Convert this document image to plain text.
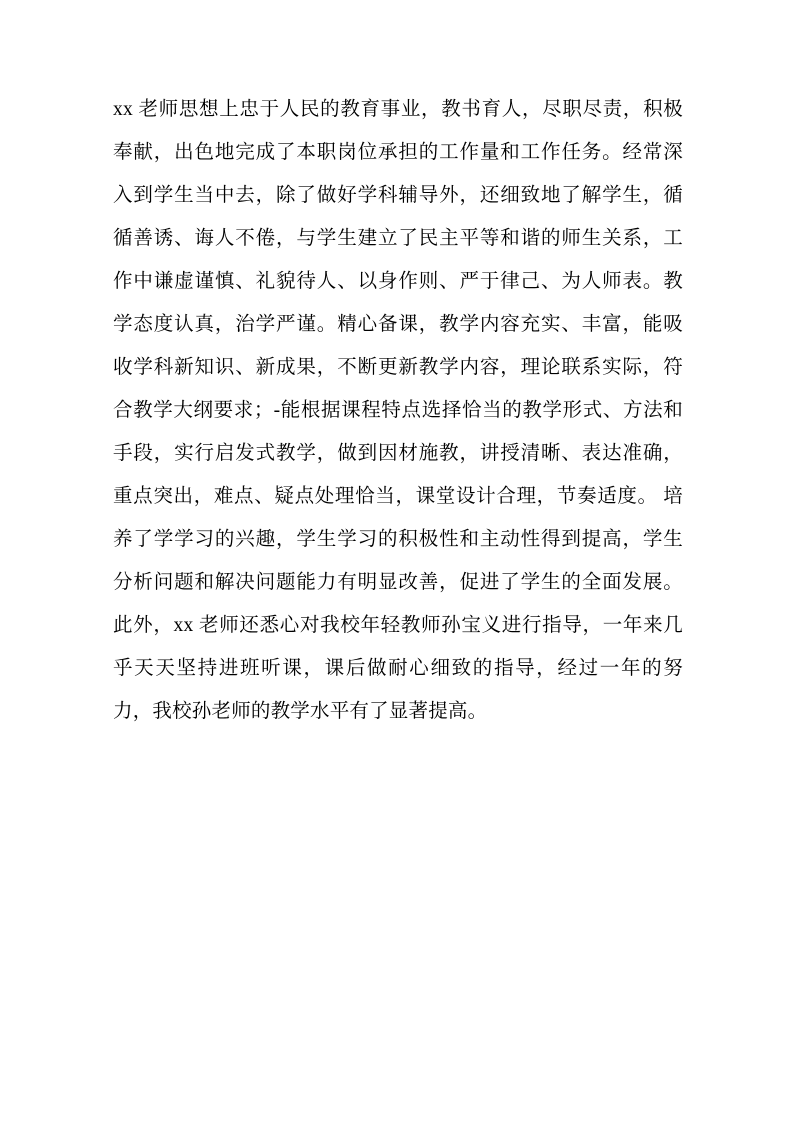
xx 老师思想上忠于人民的教育事业，教书育人，尽职尽责，积极奉献，出色地完成了本职岗位承担的工作量和工作任务。经常深入到学生当中去，除了做好学科辅导外，还细致地了解学生，循循善诱、诲人不倦，与学生建立了民主平等和谐的师生关系，工作中谦虚谨慎、礼貌待人、以身作则、严于律己、为人师表。教学态度认真，治学严谨。精心备课，教学内容充实、丰富，能吸收学科新知识、新成果，不断更新教学内容，理论联系实际，符合教学大纲要求；-能根据课程特点选择恰当的教学形式、方法和手段，实行启发式教学，做到因材施教，讲授清晰、表达准确，重点突出，难点、疑点处理恰当，课堂设计合理，节奏适度。 培养了学学习的兴趣，学生学习的积极性和主动性得到提高，学生分析问题和解决问题能力有明显改善，促进了学生的全面发展。此外，xx 老师还悉心对我校年轻教师孙宝义进行指导，一年来几乎天天坚持进班听课，课后做耐心细致的指导，经过一年的努力，我校孙老师的教学水平有了显著提高。
